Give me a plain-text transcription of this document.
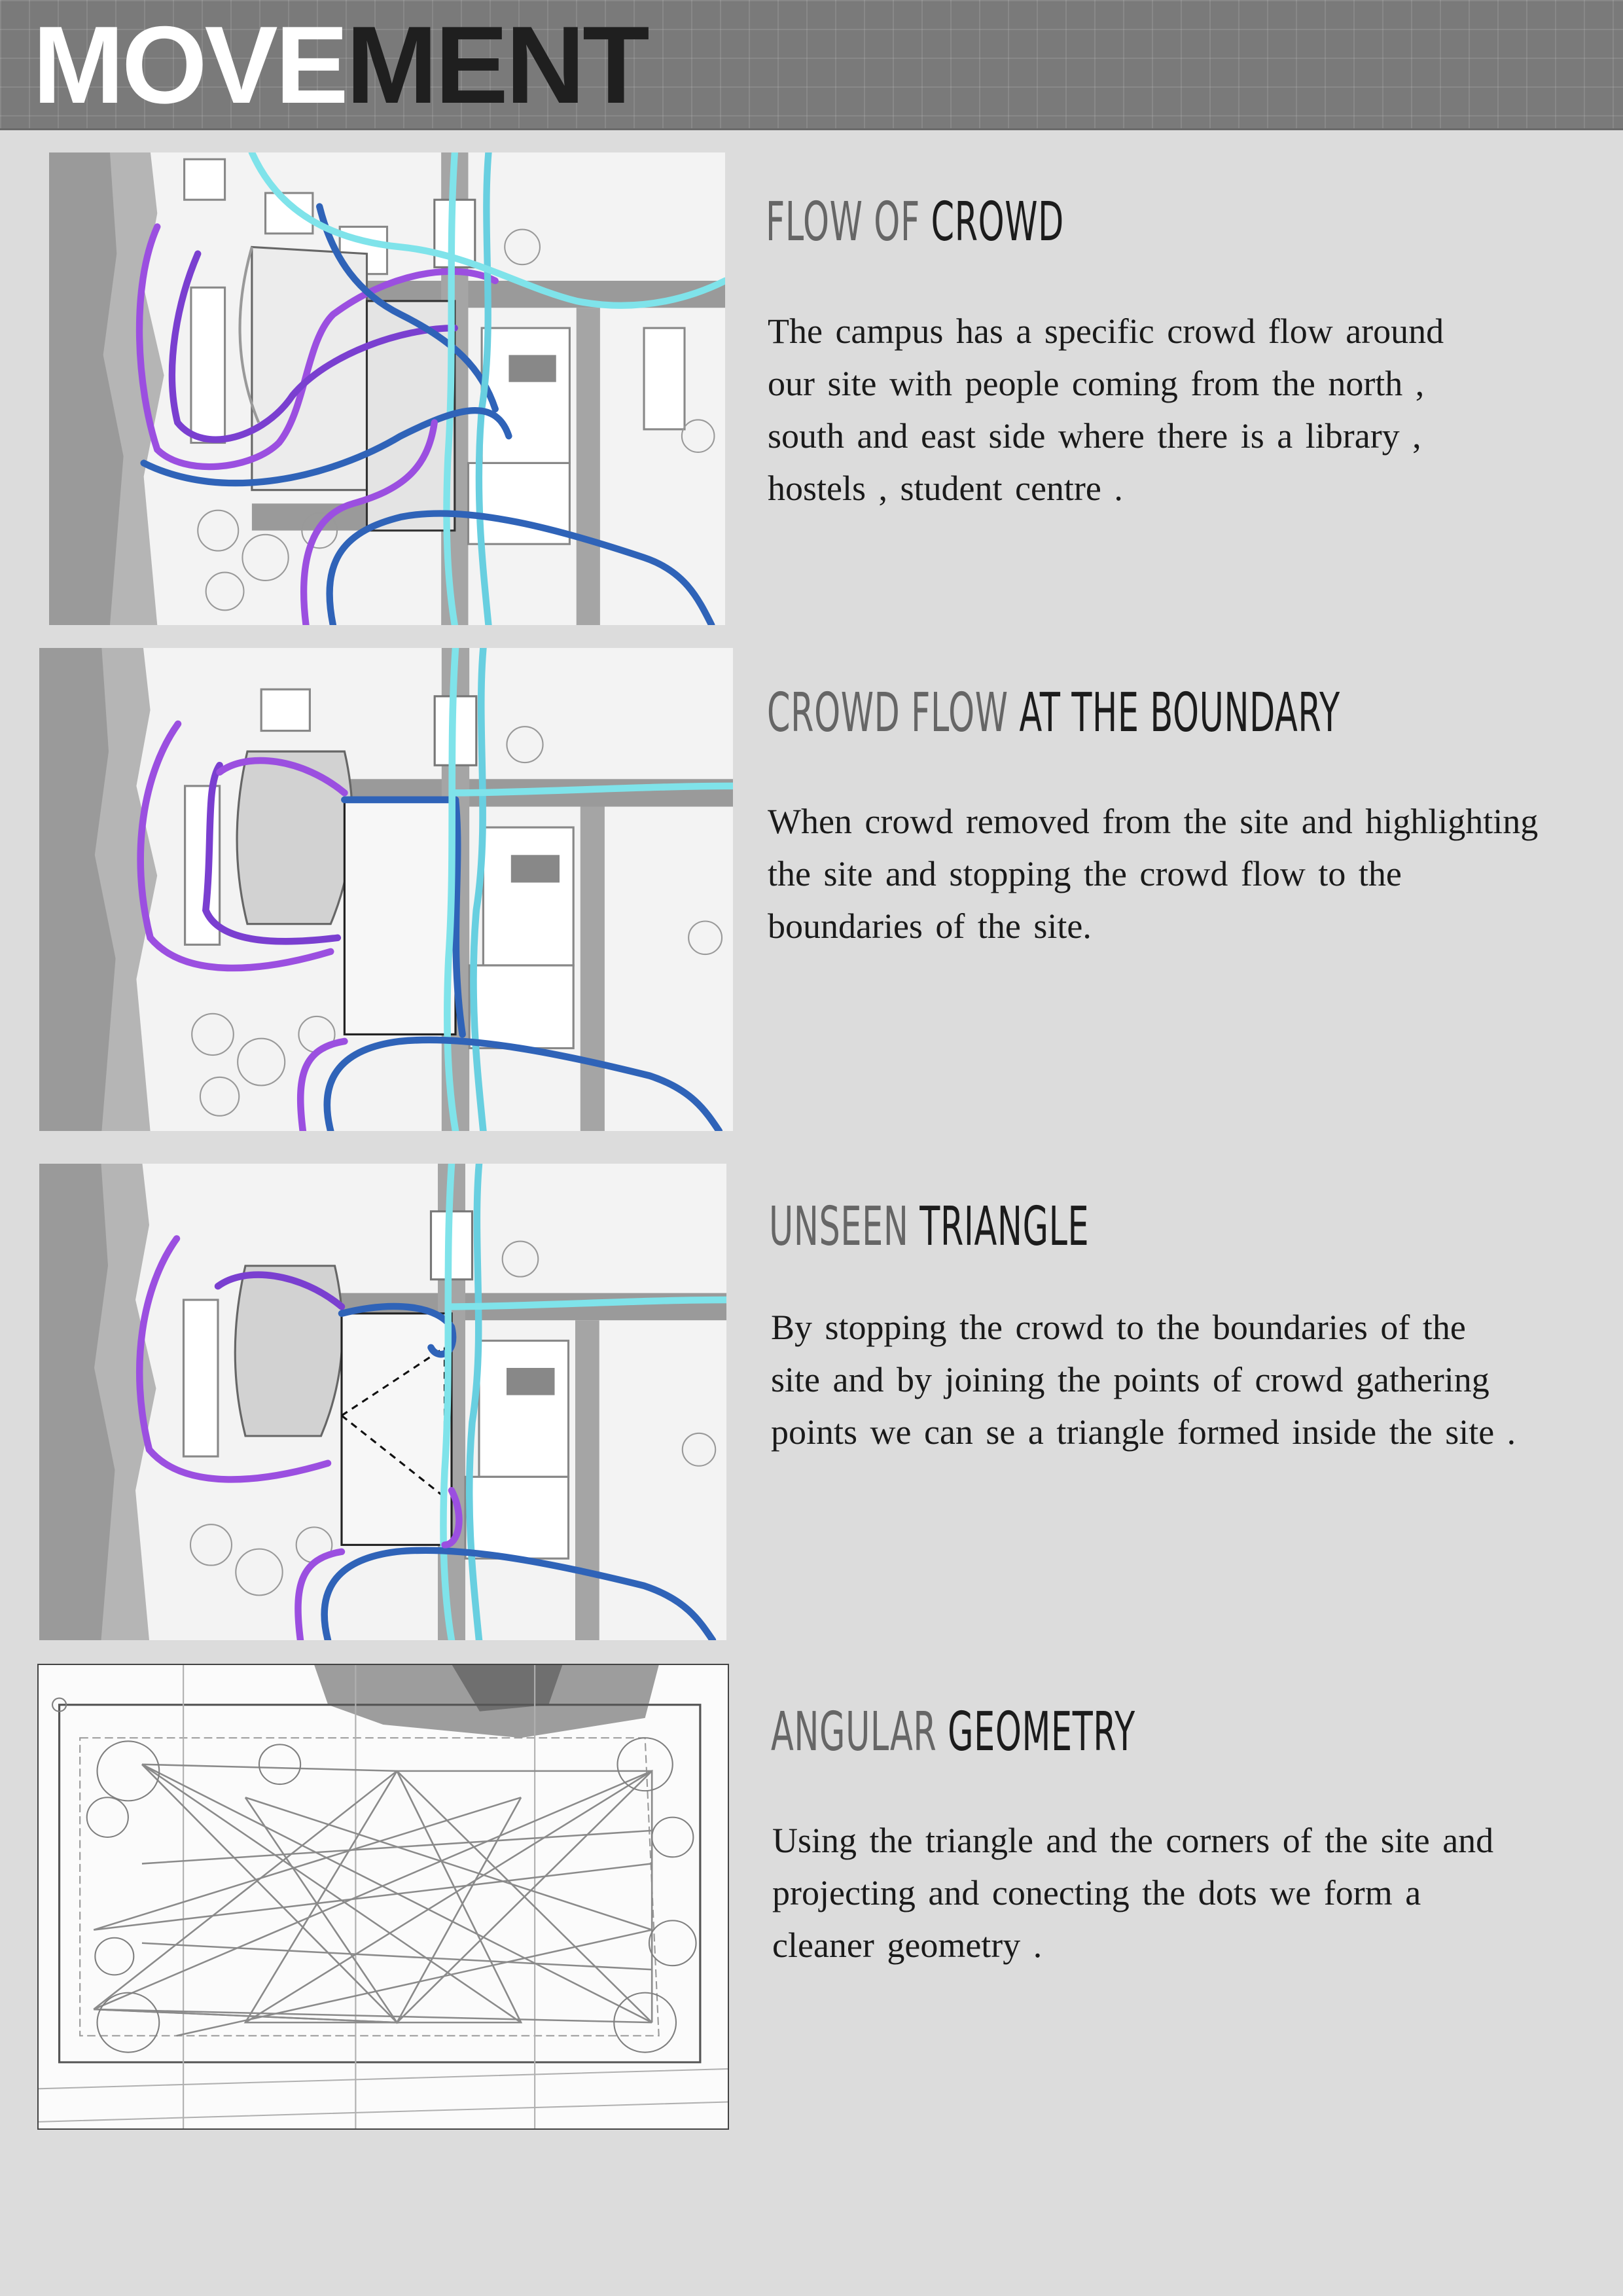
MOVEMENT
FLOW OF CROWD

The campus has a specific crowd flow around
our site with people coming from the north ,
south and east side where there is a library ,
hostels , student centre .

CROWD FLOW AT THE BOUNDARY

When crowd removed from the site and highlighting
the site and stopping the crowd flow to the
boundaries of the site.

UNSEEN TRIANGLE

By stopping the crowd to the boundaries of the
site and by joining the points of crowd gathering
points we can se a triangle formed inside the site .

ANGULAR GEOMETRY

Using the triangle and the corners of the site and
projecting and conecting the dots we form a
cleaner geometry .
